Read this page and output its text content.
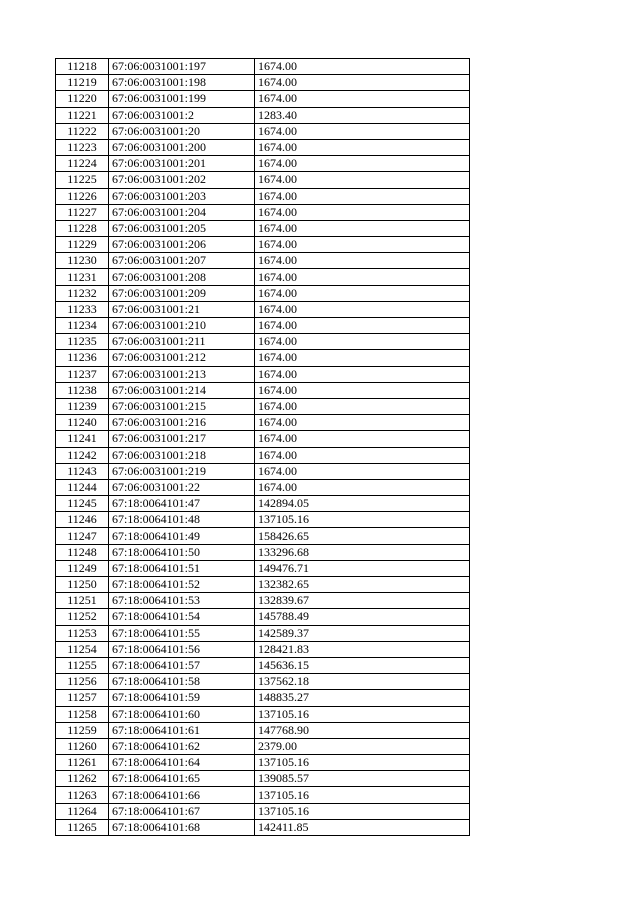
11218	67:06:0031001:197	1674.00
11219	67:06:0031001:198	1674.00
11220	67:06:0031001:199	1674.00
11221	67:06:0031001:2	1283.40
11222	67:06:0031001:20	1674.00
11223	67:06:0031001:200	1674.00
11224	67:06:0031001:201	1674.00
11225	67:06:0031001:202	1674.00
11226	67:06:0031001:203	1674.00
11227	67:06:0031001:204	1674.00
11228	67:06:0031001:205	1674.00
11229	67:06:0031001:206	1674.00
11230	67:06:0031001:207	1674.00
11231	67:06:0031001:208	1674.00
11232	67:06:0031001:209	1674.00
11233	67:06:0031001:21	1674.00
11234	67:06:0031001:210	1674.00
11235	67:06:0031001:211	1674.00
11236	67:06:0031001:212	1674.00
11237	67:06:0031001:213	1674.00
11238	67:06:0031001:214	1674.00
11239	67:06:0031001:215	1674.00
11240	67:06:0031001:216	1674.00
11241	67:06:0031001:217	1674.00
11242	67:06:0031001:218	1674.00
11243	67:06:0031001:219	1674.00
11244	67:06:0031001:22	1674.00
11245	67:18:0064101:47	142894.05
11246	67:18:0064101:48	137105.16
11247	67:18:0064101:49	158426.65
11248	67:18:0064101:50	133296.68
11249	67:18:0064101:51	149476.71
11250	67:18:0064101:52	132382.65
11251	67:18:0064101:53	132839.67
11252	67:18:0064101:54	145788.49
11253	67:18:0064101:55	142589.37
11254	67:18:0064101:56	128421.83
11255	67:18:0064101:57	145636.15
11256	67:18:0064101:58	137562.18
11257	67:18:0064101:59	148835.27
11258	67:18:0064101:60	137105.16
11259	67:18:0064101:61	147768.90
11260	67:18:0064101:62	2379.00
11261	67:18:0064101:64	137105.16
11262	67:18:0064101:65	139085.57
11263	67:18:0064101:66	137105.16
11264	67:18:0064101:67	137105.16
11265	67:18:0064101:68	142411.85
